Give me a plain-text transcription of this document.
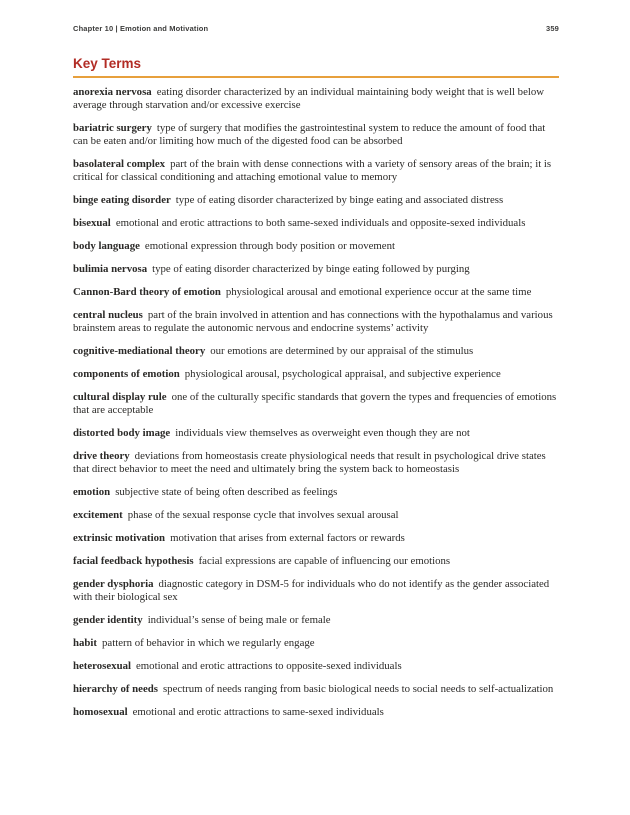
Chapter 10 | Emotion and Motivation	359
Key Terms

anorexia nervosa eating disorder characterized by an individual maintaining body weight that is well below average through starvation and/or excessive exercise

bariatric surgery type of surgery that modifies the gastrointestinal system to reduce the amount of food that can be eaten and/or limiting how much of the digested food can be absorbed

basolateral complex part of the brain with dense connections with a variety of sensory areas of the brain; it is critical for classical conditioning and attaching emotional value to memory

binge eating disorder type of eating disorder characterized by binge eating and associated distress

bisexual emotional and erotic attractions to both same-sexed individuals and opposite-sexed individuals

body language emotional expression through body position or movement

bulimia nervosa type of eating disorder characterized by binge eating followed by purging

Cannon-Bard theory of emotion physiological arousal and emotional experience occur at the same time

central nucleus part of the brain involved in attention and has connections with the hypothalamus and various brainstem areas to regulate the autonomic nervous and endocrine systems’ activity

cognitive-mediational theory our emotions are determined by our appraisal of the stimulus

components of emotion physiological arousal, psychological appraisal, and subjective experience

cultural display rule one of the culturally specific standards that govern the types and frequencies of emotions that are acceptable

distorted body image individuals view themselves as overweight even though they are not

drive theory deviations from homeostasis create physiological needs that result in psychological drive states that direct behavior to meet the need and ultimately bring the system back to homeostasis

emotion subjective state of being often described as feelings

excitement phase of the sexual response cycle that involves sexual arousal

extrinsic motivation motivation that arises from external factors or rewards

facial feedback hypothesis facial expressions are capable of influencing our emotions

gender dysphoria diagnostic category in DSM-5 for individuals who do not identify as the gender associated with their biological sex

gender identity individual’s sense of being male or female

habit pattern of behavior in which we regularly engage

heterosexual emotional and erotic attractions to opposite-sexed individuals

hierarchy of needs spectrum of needs ranging from basic biological needs to social needs to self-actualization

homosexual emotional and erotic attractions to same-sexed individuals
